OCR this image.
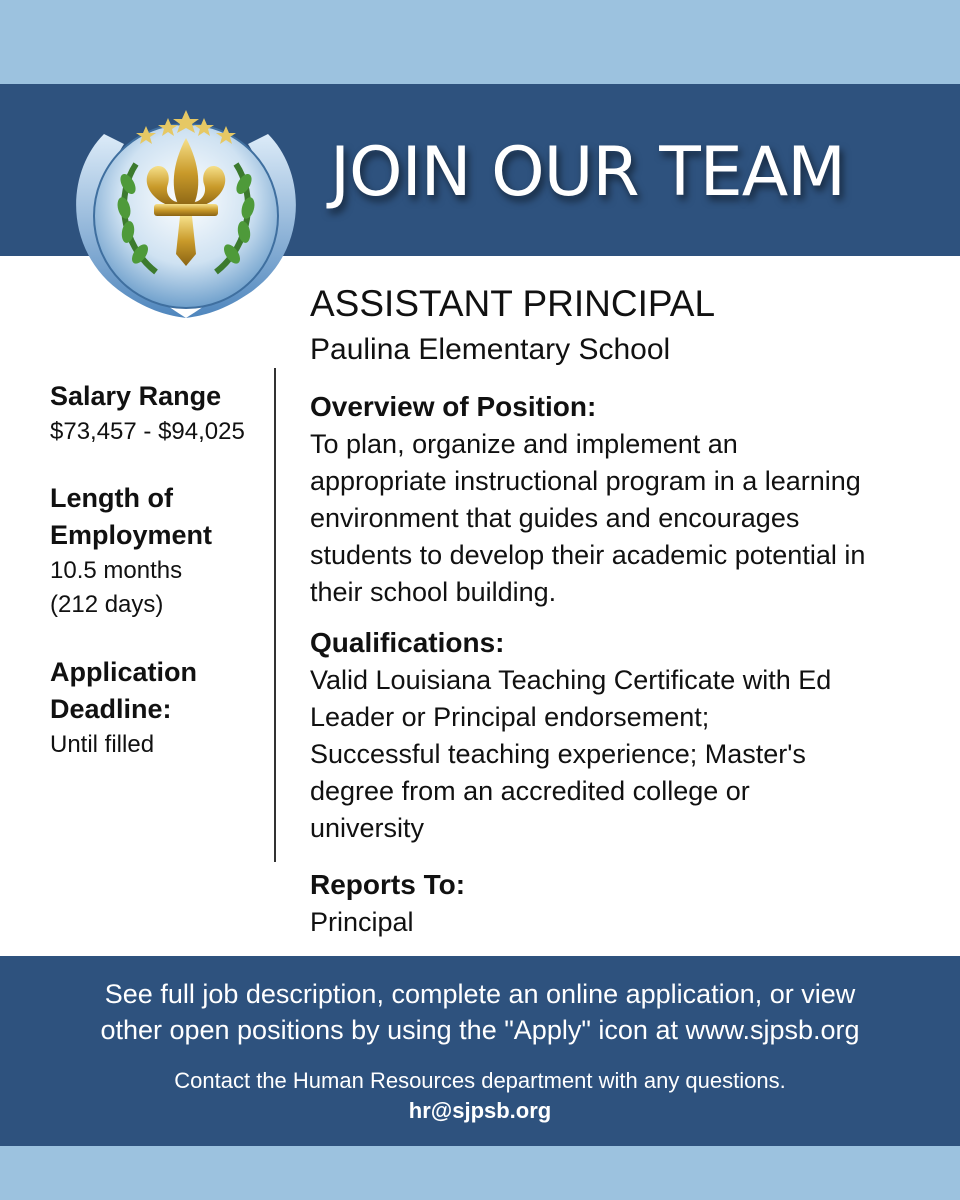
JOIN OUR TEAM
ASSISTANT PRINCIPAL
Paulina Elementary School
Salary Range
$73,457 - $94,025
Length of
Employment
10.5 months
(212 days)
Application
Deadline:
Until filled
Overview of Position:
To plan, organize and implement an
appropriate instructional program in a learning
environment that guides and encourages
students to develop their academic potential in
their school building.
Qualifications:
Valid Louisiana Teaching Certificate with Ed
Leader or Principal endorsement;
Successful teaching experience; Master's
degree from an accredited college or
university
Reports To:
Principal
See full job description, complete an online application, or view
other open positions by using the "Apply" icon at www.sjpsb.org
Contact the Human Resources department with any questions.
hr@sjpsb.org
